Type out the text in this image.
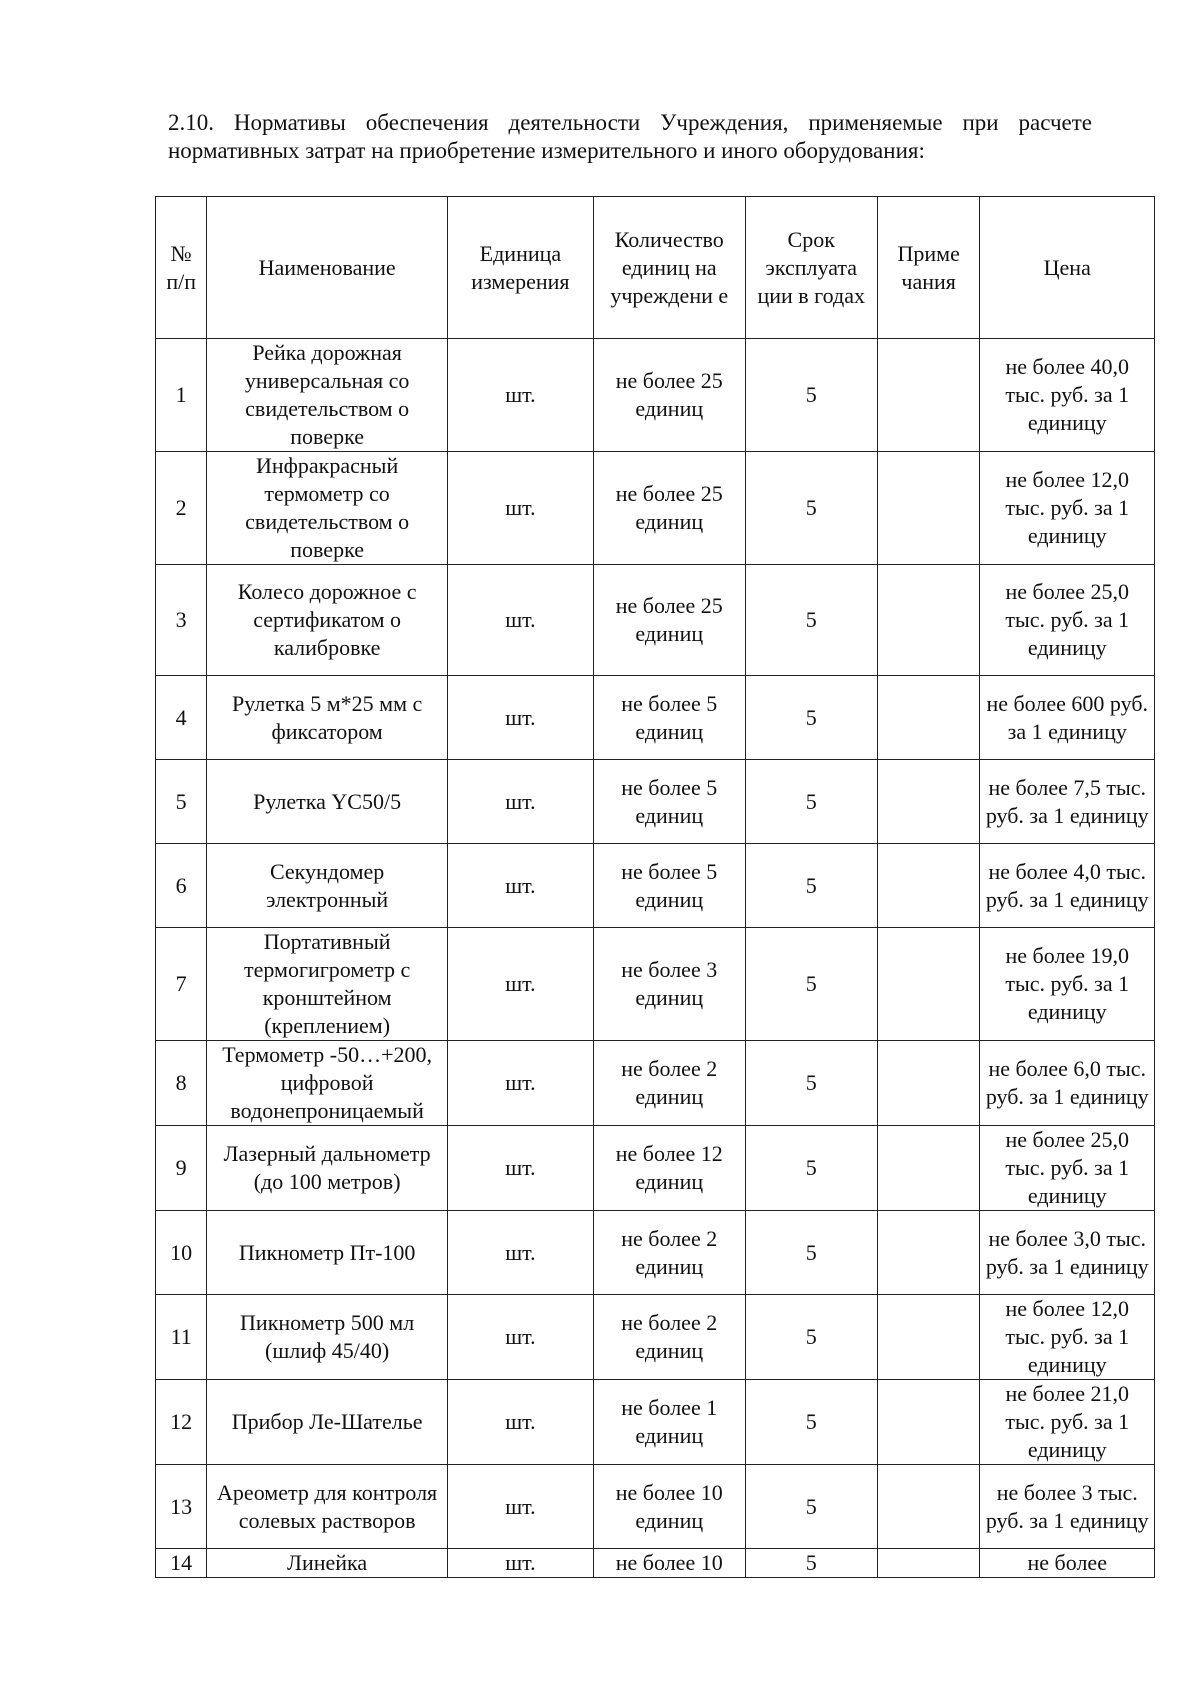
2.10. Нормативы обеспечения деятельности Учреждения, применяемые при расчете нормативных затрат на приобретение измерительного и иного оборудования:

№ п/п	Наименование	Единица измерения	Количество единиц на учреждени е	Срок эксплуата ции в годах	Приме чания	Цена
1	Рейка дорожная универсальная со свидетельством о поверке	шт.	не более 25 единиц	5		не более 40,0 тыс. руб. за 1 единицу
2	Инфракрасный термометр со свидетельством о поверке	шт.	не более 25 единиц	5		не более 12,0 тыс. руб. за 1 единицу
3	Колесо дорожное с сертификатом о калибровке	шт.	не более 25 единиц	5		не более 25,0 тыс. руб. за 1 единицу
4	Рулетка 5 м*25 мм с фиксатором	шт.	не более 5 единиц	5		не более 600 руб. за 1 единицу
5	Рулетка YC50/5	шт.	не более 5 единиц	5		не более 7,5 тыс. руб. за 1 единицу
6	Секундомер электронный	шт.	не более 5 единиц	5		не более 4,0 тыс. руб. за 1 единицу
7	Портативный термогигрометр с кронштейном (креплением)	шт.	не более 3 единиц	5		не более 19,0 тыс. руб. за 1 единицу
8	Термометр -50…+200, цифровой водонепроницаемый	шт.	не более 2 единиц	5		не более 6,0 тыс. руб. за 1 единицу
9	Лазерный дальнометр (до 100 метров)	шт.	не более 12 единиц	5		не более 25,0 тыс. руб. за 1 единицу
10	Пикнометр Пт-100	шт.	не более 2 единиц	5		не более 3,0 тыс. руб. за 1 единицу
11	Пикнометр 500 мл (шлиф 45/40)	шт.	не более 2 единиц	5		не более 12,0 тыс. руб. за 1 единицу
12	Прибор Ле-Шателье	шт.	не более 1 единиц	5		не более 21,0 тыс. руб. за 1 единицу
13	Ареометр для контроля солевых растворов	шт.	не более 10 единиц	5		не более 3 тыс. руб. за 1 единицу
14	Линейка	шт.	не более 10	5		не более
